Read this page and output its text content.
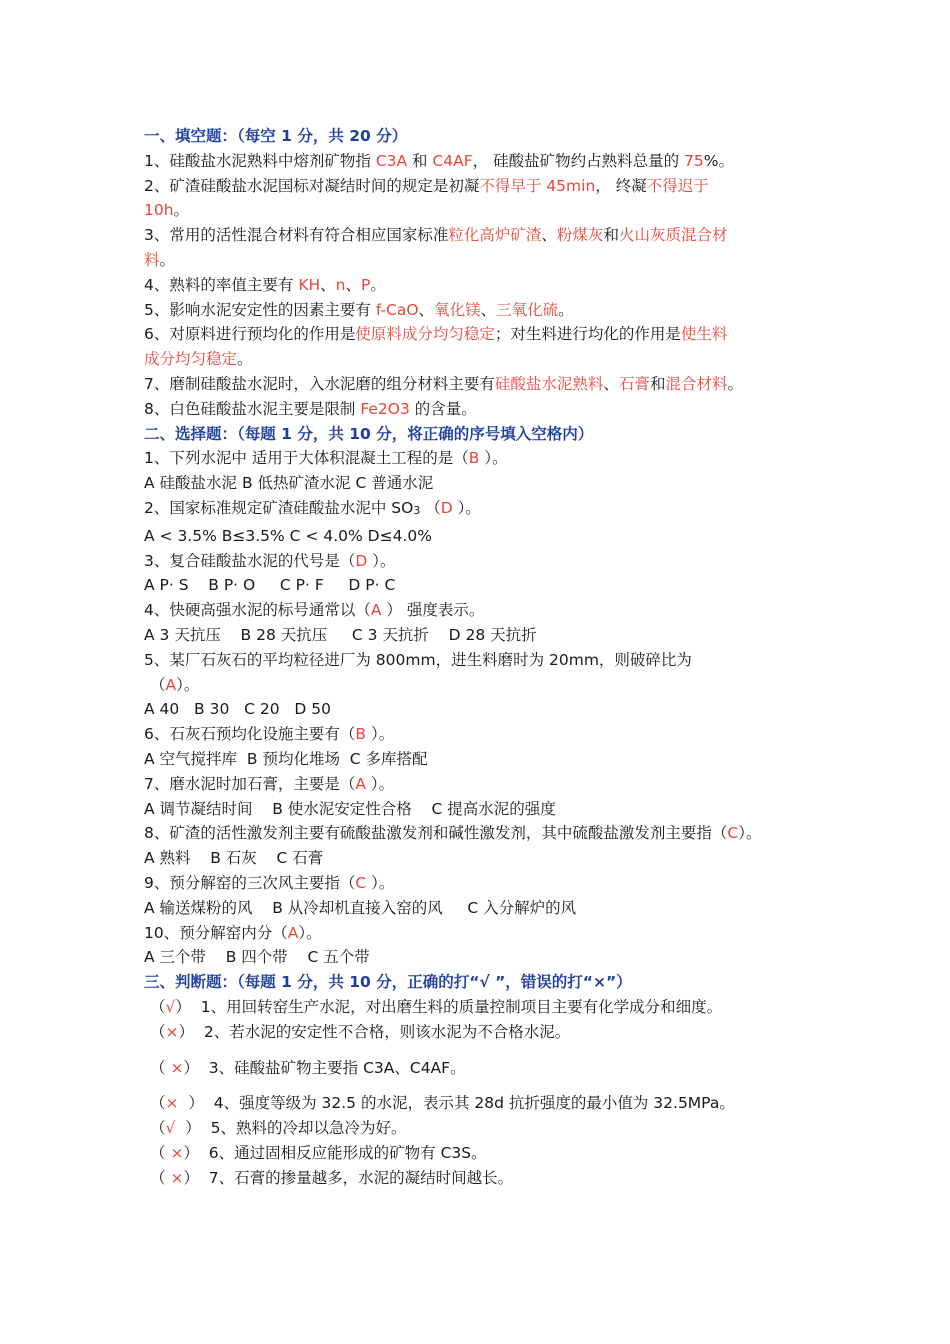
一、填空题：（每空 1 分，共 20 分）
1、硅酸盐水泥熟料中熔剂矿物指 C3A 和 C4AF， 硅酸盐矿物约占熟料总量的 75%。
2、矿渣硅酸盐水泥国标对凝结时间的规定是初凝不得早于 45min， 终凝不得迟于
10h。
3、常用的活性混合材料有符合相应国家标准粒化高炉矿渣、粉煤灰和火山灰质混合材
料。
4、熟料的率值主要有 KH、n、P。
5、影响水泥安定性的因素主要有 f-CaO、氧化镁、三氧化硫。
6、对原料进行预均化的作用是使原料成分均匀稳定；对生料进行均化的作用是使生料
成分均匀稳定。
7、磨制硅酸盐水泥时，入水泥磨的组分材料主要有硅酸盐水泥熟料、石膏和混合材料。
8、白色硅酸盐水泥主要是限制 Fe2O3 的含量。
二、选择题：（每题 1 分，共 10 分，将正确的序号填入空格内）
1、下列水泥中 适用于大体积混凝土工程的是（B ）。
A 硅酸盐水泥 B 低热矿渣水泥 C 普通水泥
2、国家标准规定矿渣硅酸盐水泥中 $SO_3$ （D ）。
A < 3.5% B≤3.5% C < 4.0% D≤4.0%
3、复合硅酸盐水泥的代号是（D ）。
A P· S    B P· O     C P· F     D P· C
4、快硬高强水泥的标号通常以（A ） 强度表示。
A 3 天抗压    B 28 天抗压     C 3 天抗折    D 28 天抗折
5、某厂石灰石的平均粒径进厂为 800mm，进生料磨时为 20mm，则破碎比为
（A）。
A 40   B 30   C 20   D 50
6、石灰石预均化设施主要有（B ）。
A 空气搅拌库  B 预均化堆场  C 多库搭配
7、磨水泥时加石膏，主要是（A ）。
A 调节凝结时间    B 使水泥安定性合格    C 提高水泥的强度
8、矿渣的活性激发剂主要有硫酸盐激发剂和碱性激发剂，其中硫酸盐激发剂主要指（C）。
A 熟料    B 石灰    C 石膏
9、预分解窑的三次风主要指（C ）。
A 输送煤粉的风    B 从冷却机直接入窑的风     C 入分解炉的风
10、预分解窑内分（A）。
A 三个带    B 四个带    C 五个带
三、判断题：（每题 1 分，共 10 分，正确的打“√ ”，错误的打“×”）
（√）  1、用回转窑生产水泥，对出磨生料的质量控制项目主要有化学成分和细度。
（×）  2、若水泥的安定性不合格，则该水泥为不合格水泥。
（ ×）  3、硅酸盐矿物主要指 C3A、C4AF。
（×  ）  4、强度等级为 32.5 的水泥，表示其 28d 抗折强度的最小值为 32.5MPa。
（√  ）  5、熟料的冷却以急冷为好。
（ ×）  6、通过固相反应能形成的矿物有 C3S。
（ ×）  7、石膏的掺量越多，水泥的凝结时间越长。
